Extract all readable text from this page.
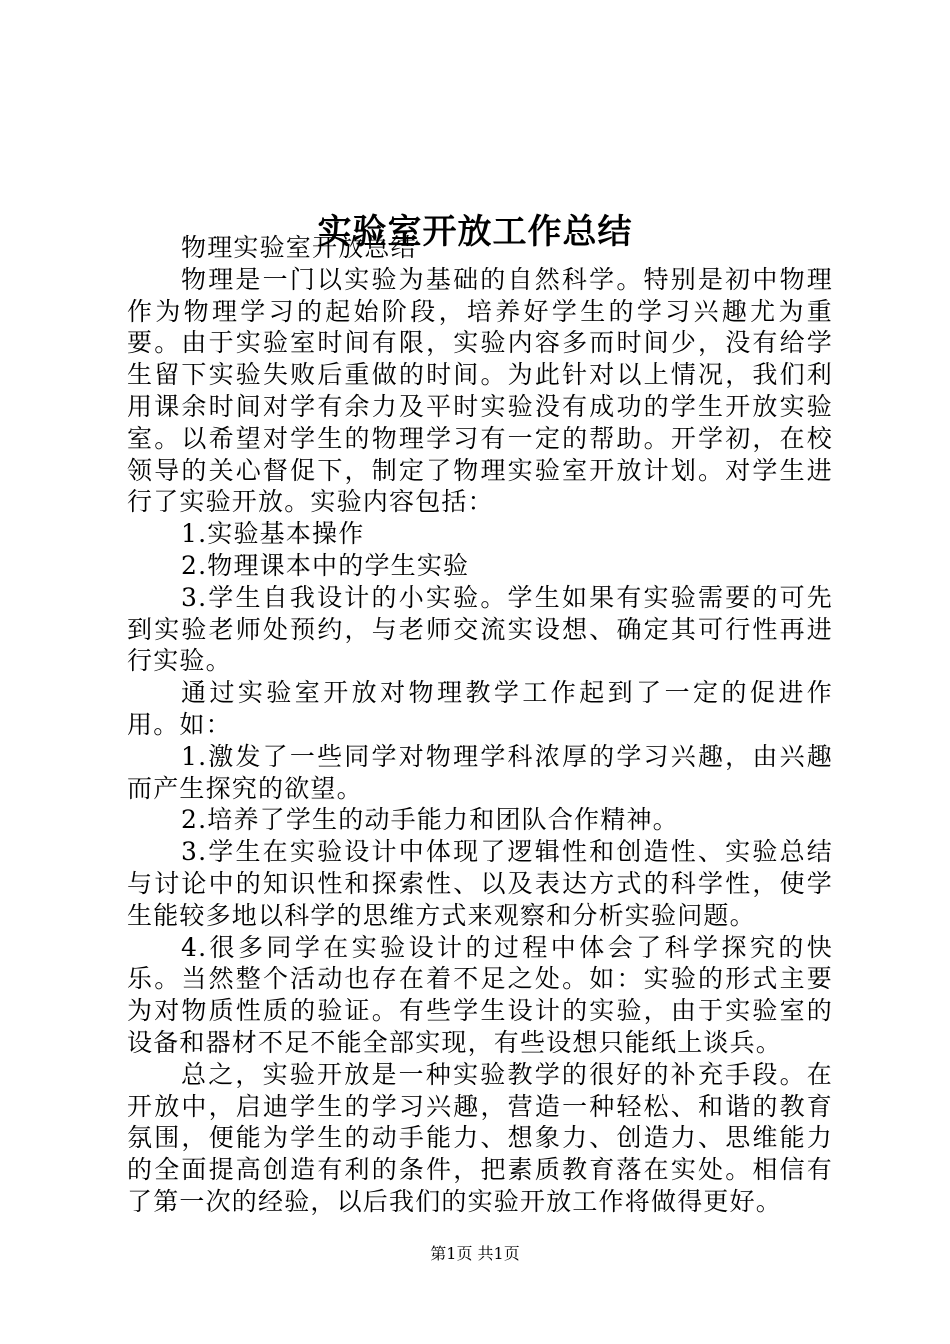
实验室开放工作总结

物理实验室开放总结

物理是一门以实验为基础的自然科学。特别是初中物理作为物理学习的起始阶段，培养好学生的学习兴趣尤为重要。由于实验室时间有限，实验内容多而时间少，没有给学生留下实验失败后重做的时间。为此针对以上情况，我们利用课余时间对学有余力及平时实验没有成功的学生开放实验室。以希望对学生的物理学习有一定的帮助。开学初，在校领导的关心督促下，制定了物理实验室开放计划。对学生进行了实验开放。实验内容包括：

1.实验基本操作

2.物理课本中的学生实验

3.学生自我设计的小实验。学生如果有实验需要的可先到实验老师处预约，与老师交流实设想、确定其可行性再进行实验。

通过实验室开放对物理教学工作起到了一定的促进作用。如：

1.激发了一些同学对物理学科浓厚的学习兴趣，由兴趣而产生探究的欲望。

2.培养了学生的动手能力和团队合作精神。

3.学生在实验设计中体现了逻辑性和创造性、实验总结与讨论中的知识性和探索性、以及表达方式的科学性，使学生能较多地以科学的思维方式来观察和分析实验问题。

4.很多同学在实验设计的过程中体会了科学探究的快乐。当然整个活动也存在着不足之处。如：实验的形式主要为对物质性质的验证。有些学生设计的实验，由于实验室的设备和器材不足不能全部实现，有些设想只能纸上谈兵。

总之，实验开放是一种实验教学的很好的补充手段。在开放中，启迪学生的学习兴趣，营造一种轻松、和谐的教育氛围，便能为学生的动手能力、想象力、创造力、思维能力的全面提高创造有利的条件，把素质教育落在实处。相信有了第一次的经验，以后我们的实验开放工作将做得更好。

第1页 共1页
